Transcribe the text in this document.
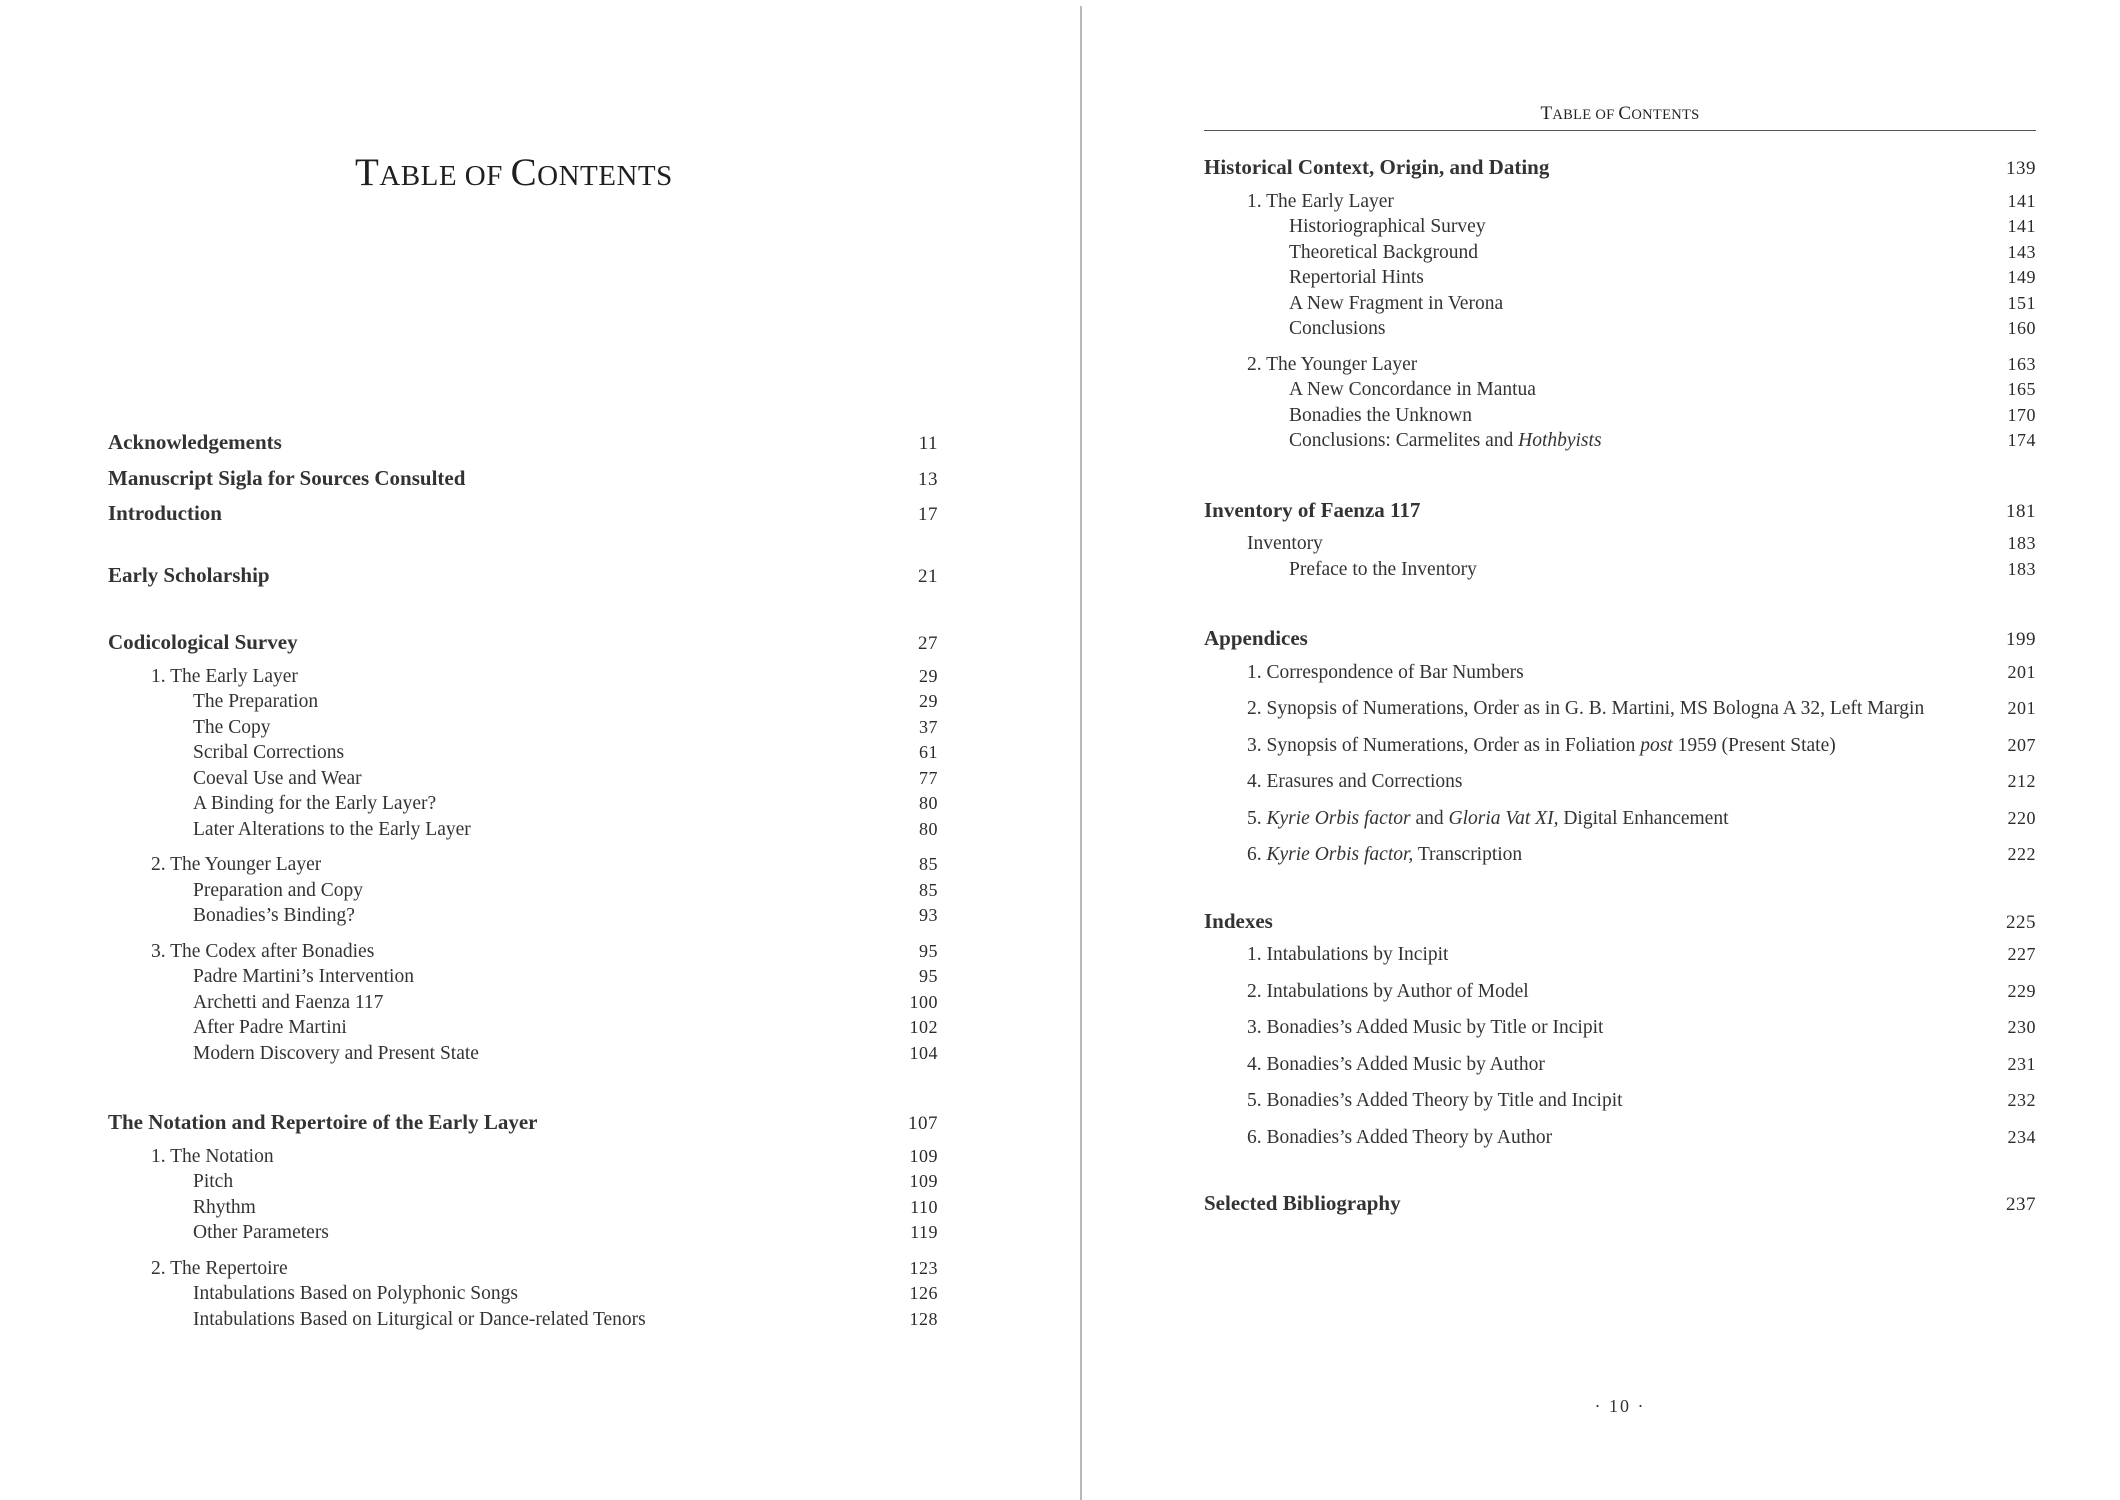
TABLE OF CONTENTS
Acknowledgements	11
Manuscript Sigla for Sources Consulted	13
Introduction	17
Early Scholarship	21
Codicological Survey	27
1. The Early Layer	29
The Preparation	29
The Copy	37
Scribal Corrections	61
Coeval Use and Wear	77
A Binding for the Early Layer?	80
Later Alterations to the Early Layer	80
2. The Younger Layer	85
Preparation and Copy	85
Bonadies’s Binding?	93
3. The Codex after Bonadies	95
Padre Martini’s Intervention	95
Archetti and Faenza 117	100
After Padre Martini	102
Modern Discovery and Present State	104
The Notation and Repertoire of the Early Layer	107
1. The Notation	109
Pitch	109
Rhythm	110
Other Parameters	119
2. The Repertoire	123
Intabulations Based on Polyphonic Songs	126
Intabulations Based on Liturgical or Dance-related Tenors	128
TABLE OF CONTENTS
Historical Context, Origin, and Dating	139
1. The Early Layer	141
Historiographical Survey	141
Theoretical Background	143
Repertorial Hints	149
A New Fragment in Verona	151
Conclusions	160
2. The Younger Layer	163
A New Concordance in Mantua	165
Bonadies the Unknown	170
Conclusions: Carmelites and Hothbyists	174
Inventory of Faenza 117	181
Inventory	183
Preface to the Inventory	183
Appendices	199
1. Correspondence of Bar Numbers	201
2. Synopsis of Numerations, Order as in G. B. Martini, MS Bologna A 32, Left Margin	201
3. Synopsis of Numerations, Order as in Foliation post 1959 (Present State)	207
4. Erasures and Corrections	212
5. Kyrie Orbis factor and Gloria Vat XI, Digital Enhancement	220
6. Kyrie Orbis factor, Transcription	222
Indexes	225
1. Intabulations by Incipit	227
2. Intabulations by Author of Model	229
3. Bonadies’s Added Music by Title or Incipit	230
4. Bonadies’s Added Music by Author	231
5. Bonadies’s Added Theory by Title and Incipit	232
6. Bonadies’s Added Theory by Author	234
Selected Bibliography	237
· 10 ·
